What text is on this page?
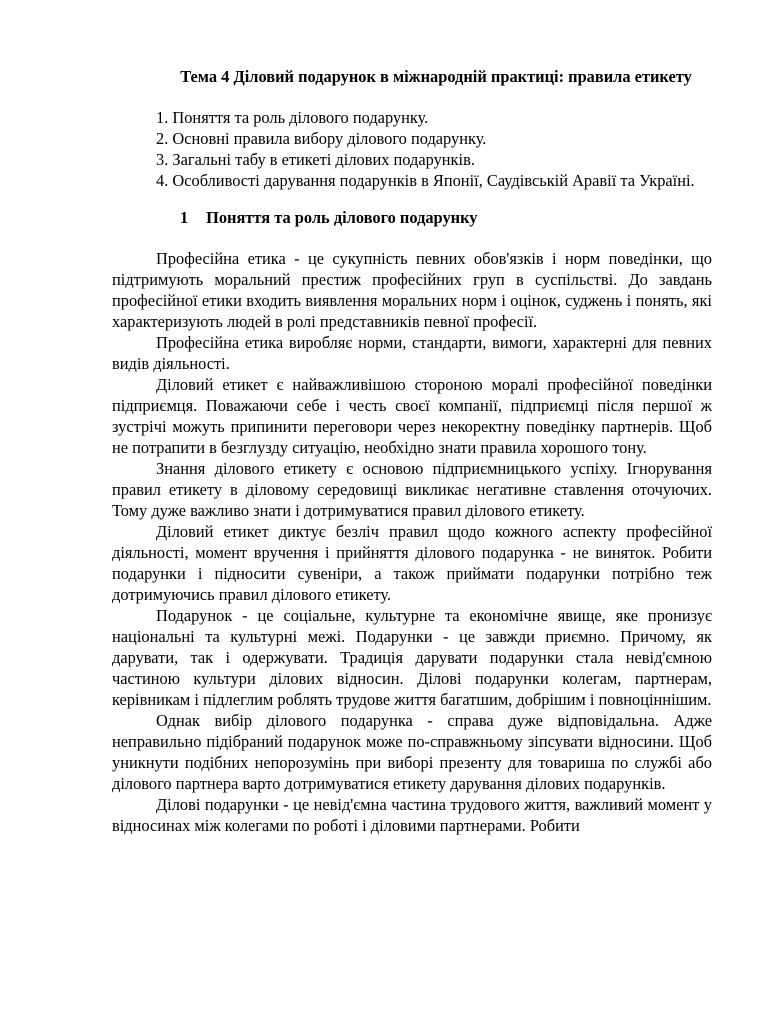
Тема 4 Діловий подарунок в міжнародній практиці: правила етикету
1. Поняття та роль ділового подарунку.
2. Основні правила вибору ділового подарунку.
3. Загальні табу в етикеті ділових подарунків.
4. Особливості дарування подарунків в Японії, Саудівській Аравії та Україні.
1 Поняття та роль ділового подарунку

Професійна етика - це сукупність певних обов'язків і норм поведінки, що підтримують моральний престиж професійних груп в суспільстві. До завдань професійної етики входить виявлення моральних норм і оцінок, суджень і понять, які характеризують людей в ролі представників певної професії.

Професійна етика виробляє норми, стандарти, вимоги, характерні для певних видів діяльності.

Діловий етикет є найважливішою стороною моралі професійної поведінки підприємця. Поважаючи себе і честь своєї компанії, підприємці після першої ж зустрічі можуть припинити переговори через некоректну поведінку партнерів. Щоб не потрапити в безглузду ситуацію, необхідно знати правила хорошого тону.

Знання ділового етикету є основою підприємницького успіху. Ігнорування правил етикету в діловому середовищі викликає негативне ставлення оточуючих. Тому дуже важливо знати і дотримуватися правил ділового етикету.

Діловий етикет диктує безліч правил щодо кожного аспекту професійної діяльності, момент вручення і прийняття ділового подарунка - не виняток. Робити подарунки і підносити сувеніри, а також приймати подарунки потрібно теж дотримуючись правил ділового етикету.

Подарунок - це соціальне, культурне та економічне явище, яке пронизує національні та культурні межі. Подарунки - це завжди приємно. Причому, як дарувати, так і одержувати. Традиція дарувати подарунки стала невід'ємною частиною культури ділових відносин. Ділові подарунки колегам, партнерам, керівникам і підлеглим роблять трудове життя багатшим, добрішим і повноціннішим.

Однак вибір ділового подарунка - справа дуже відповідальна. Адже неправильно підібраний подарунок може по-справжньому зіпсувати відносини. Щоб уникнути подібних непорозумінь при виборі презенту для товариша по службі або ділового партнера варто дотримуватися етикету дарування ділових подарунків.

Ділові подарунки - це невід'ємна частина трудового життя, важливий момент у відносинах між колегами по роботі і діловими партнерами. Робити
